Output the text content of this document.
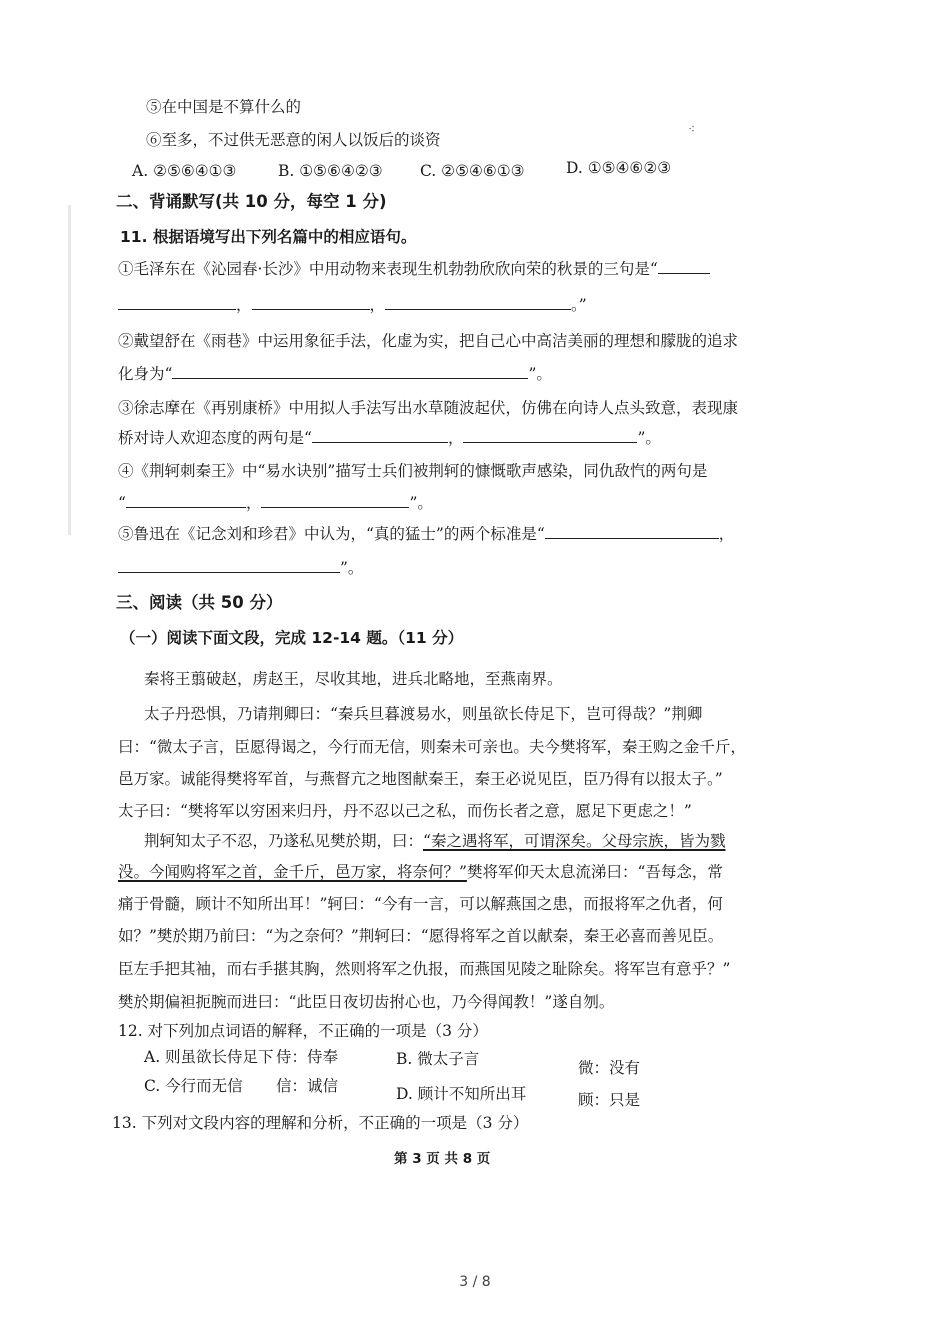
⁖
⑤在中国是不算什么的
⑥至多，不过供无恶意的闲人以饭后的谈资
A. ②⑤⑥④①③	B. ①⑤⑥④②③ C. ②⑤④⑥①③	D. ①⑤④⑥②③
二、背诵默写(共 10 分，每空 1 分)
11. 根据语境写出下列名篇中的相应语句。
①毛泽东在《沁园春·长沙》中用动物来表现生机勃勃欣欣向荣的秋景的三句是“
，	，	。”
②戴望舒在《雨巷》中运用象征手法，化虚为实，把自己心中高洁美丽的理想和朦胧的追求
化身为“	”。
③徐志摩在《再别康桥》中用拟人手法写出水草随波起伏，仿佛在向诗人点头致意，表现康
桥对诗人欢迎态度的两句是“	，	”。
④《荆轲刺秦王》中“易水诀别”描写士兵们被荆轲的慷慨歌声感染，同仇敌忾的两句是
“	，	”。
⑤鲁迅在《记念刘和珍君》中认为，“真的猛士”的两个标准是“	，
”。
三、阅读（共 50 分）
（一）阅读下面文段，完成 12-14 题。（11 分）
秦将王翦破赵，虏赵王，尽收其地，进兵北略地，至燕南界。
太子丹恐惧，乃请荆卿曰：“秦兵旦暮渡易水，则虽欲长侍足下，岂可得哉？”荆卿
曰：“微太子言，臣愿得谒之，今行而无信，则秦未可亲也。夫今樊将军，秦王购之金千斤，
邑万家。诚能得樊将军首，与燕督亢之地图献秦王，秦王必说见臣，臣乃得有以报太子。”
太子曰：“樊将军以穷困来归丹，丹不忍以己之私，而伤长者之意，愿足下更虑之！”
荆轲知太子不忍，乃遂私见樊於期，曰：“秦之遇将军，可谓深矣。父母宗族，皆为戮
没。今闻购将军之首，金千斤，邑万家，将奈何？”樊将军仰天太息流涕曰：“吾每念，常
痛于骨髓，顾计不知所出耳！”轲曰：“今有一言，可以解燕国之患，而报将军之仇者，何
如？”樊於期乃前曰：“为之奈何？”荆轲曰：“愿得将军之首以献秦，秦王必喜而善见臣。
臣左手把其袖，而右手揕其胸，然则将军之仇报，而燕国见陵之耻除矣。将军岂有意乎？”
樊於期偏袒扼腕而进曰：“此臣日夜切齿拊心也，乃今得闻教！”遂自刎。
12. 对下列加点词语的解释，不正确的一项是（3 分）
A. 则虽欲长侍足下 侍：侍奉	B. 微太子言	微：没有
C. 今行而无信 信：诚信	D. 顾计不知所出耳	顾：只是
13. 下列对文段内容的理解和分析，不正确的一项是（3 分）
第 3 页 共 8 页
3 / 8
